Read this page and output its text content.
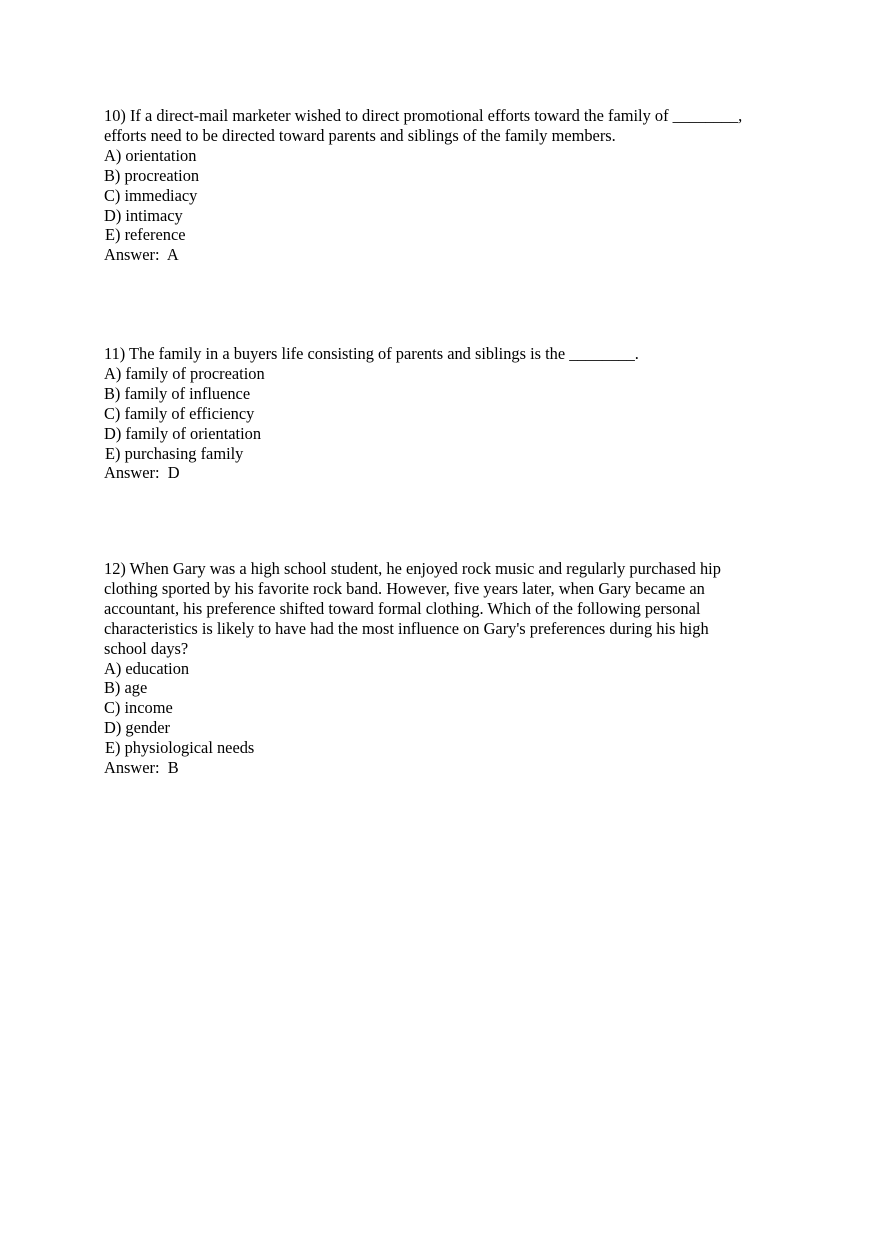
10) If a direct-mail marketer wished to direct promotional efforts toward the family of ________,
efforts need to be directed toward parents and siblings of the family members.
A) orientation
B) procreation
C) immediacy
D) intimacy
E) reference
Answer:  A
11) The family in a buyers life consisting of parents and siblings is the ________.
A) family of procreation
B) family of influence
C) family of efficiency
D) family of orientation
E) purchasing family
Answer:  D
12) When Gary was a high school student, he enjoyed rock music and regularly purchased hip
clothing sported by his favorite rock band. However, five years later, when Gary became an
accountant, his preference shifted toward formal clothing. Which of the following personal
characteristics is likely to have had the most influence on Gary's preferences during his high
school days?
A) education
B) age
C) income
D) gender
E) physiological needs
Answer:  B
